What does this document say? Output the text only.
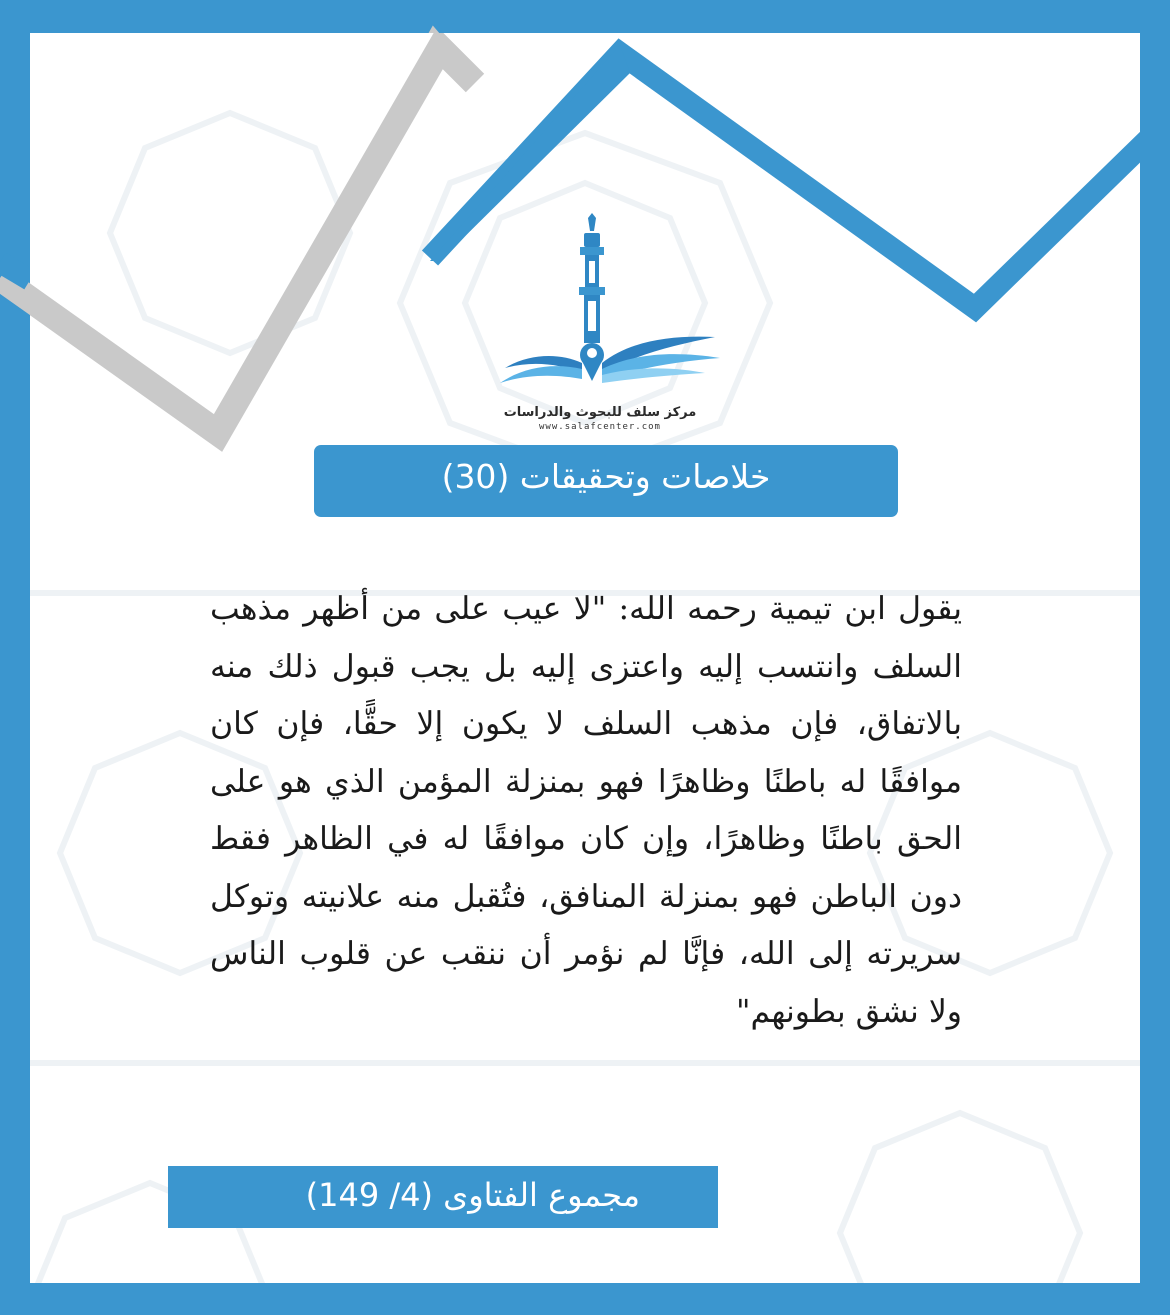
مركز سلف للبحوث والدراسات
www.salafcenter.com
خلاصات وتحقيقات (30)
يقول ابن تيمية رحمه الله: "لا عيب على من أظهر مذهب السلف وانتسب إليه واعتزى إليه بل يجب قبول ذلك منه بالاتفاق، فإن مذهب السلف لا يكون إلا حقًّا، فإن كان موافقًا له باطنًا وظاهرًا فهو بمنزلة المؤمن الذي هو على الحق باطنًا وظاهرًا، وإن كان موافقًا له في الظاهر فقط دون الباطن فهو بمنزلة المنافق، فتُقبل منه علانيته وتوكل سريرته إلى الله، فإنَّا لم نؤمر أن ننقب عن قلوب الناس ولا نشق بطونهم"
مجموع الفتاوى (4/ 149)
